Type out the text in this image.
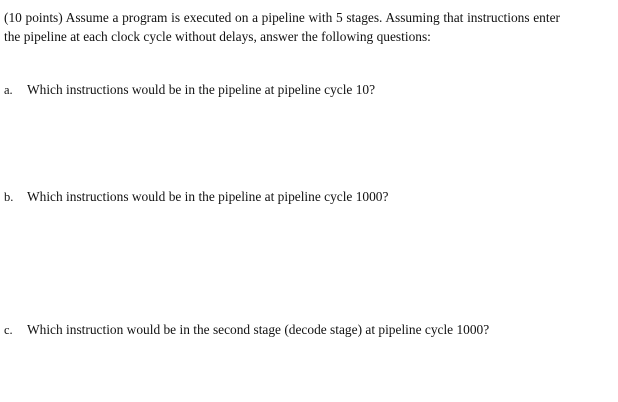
(10 points) Assume a program is executed on a pipeline with 5 stages. Assuming that instructions enter the pipeline at each clock cycle without delays, answer the following questions:

a. Which instructions would be in the pipeline at pipeline cycle 10?
b. Which instructions would be in the pipeline at pipeline cycle 1000?
c. Which instruction would be in the second stage (decode stage) at pipeline cycle 1000?
